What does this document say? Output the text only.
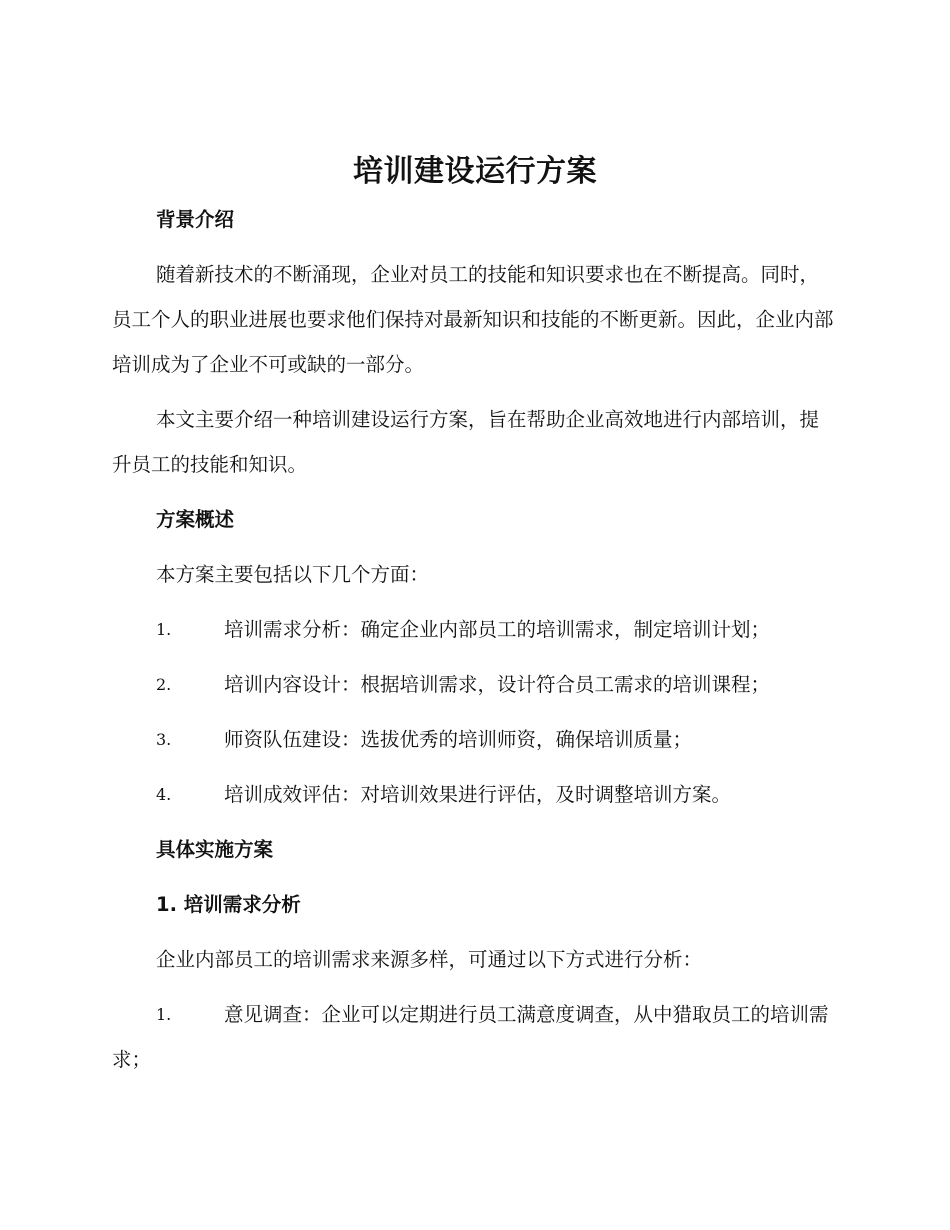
培训建设运行方案
背景介绍

随着新技术的不断涌现，企业对员工的技能和知识要求也在不断提高。同时，员工个人的职业进展也要求他们保持对最新知识和技能的不断更新。因此，企业内部培训成为了企业不可或缺的一部分。

本文主要介绍一种培训建设运行方案，旨在帮助企业高效地进行内部培训，提升员工的技能和知识。

方案概述

本方案主要包括以下几个方面：

1.	培训需求分析：确定企业内部员工的培训需求，制定培训计划；

2.	培训内容设计：根据培训需求，设计符合员工需求的培训课程；

3.	师资队伍建设：选拔优秀的培训师资，确保培训质量；

4.	培训成效评估：对培训效果进行评估，及时调整培训方案。

具体实施方案
1. 培训需求分析

企业内部员工的培训需求来源多样，可通过以下方式进行分析：

1.	意见调查：企业可以定期进行员工满意度调查，从中猎取员工的培训需求；
